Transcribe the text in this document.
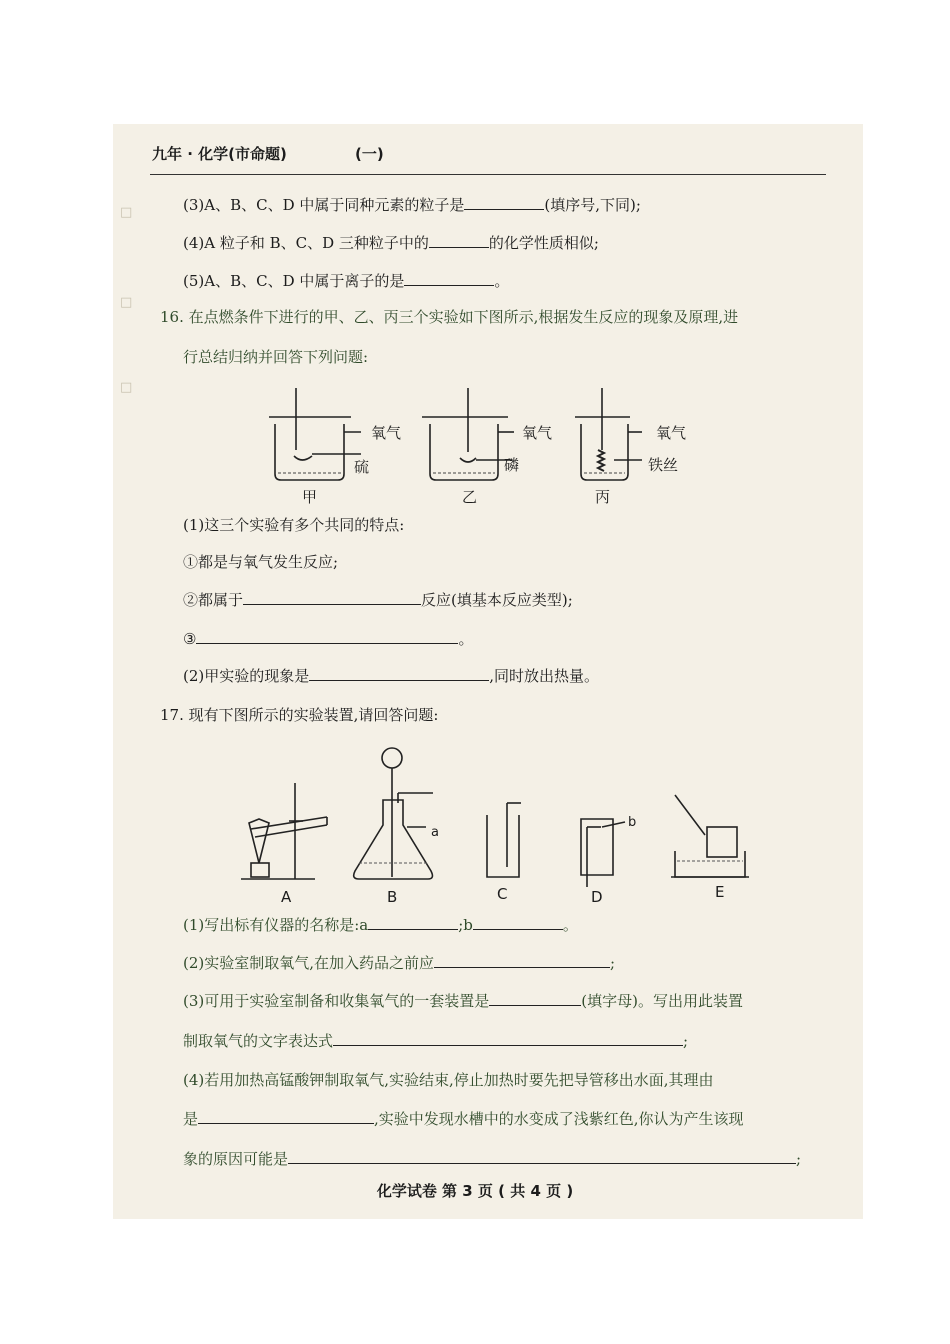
□
□
□
九年 · 化学(市命题)	(一)
(3)A、B、C、D 中属于同种元素的粒子是	(填序号,下同);
(4)A 粒子和 B、C、D 三种粒子中的	的化学性质相似;
(5)A、B、C、D 中属于离子的是	。
16. 在点燃条件下进行的甲、乙、丙三个实验如下图所示,根据发生反应的现象及原理,进
行总结归纳并回答下列问题:
氧气
硫
氧气
磷
氧气
铁丝
甲	乙	丙
(1)这三个实验有多个共同的特点:
①都是与氧气发生反应;
②都属于	反应(填基本反应类型);
③	。
(2)甲实验的现象是	,同时放出热量。
17. 现有下图所示的实验装置,请回答问题:
A	B	C	D	E
a
b
(1)写出标有仪器的名称是:a	;b	。
(2)实验室制取氧气,在加入药品之前应	;
(3)可用于实验室制备和收集氧气的一套装置是	(填字母)。写出用此装置
制取氧气的文字表达式	;
(4)若用加热高锰酸钾制取氧气,实验结束,停止加热时要先把导管移出水面,其理由
是	,实验中发现水槽中的水变成了浅紫红色,你认为产生该现
象的原因可能是	;
化学试卷 第 3 页 ( 共 4 页 )
